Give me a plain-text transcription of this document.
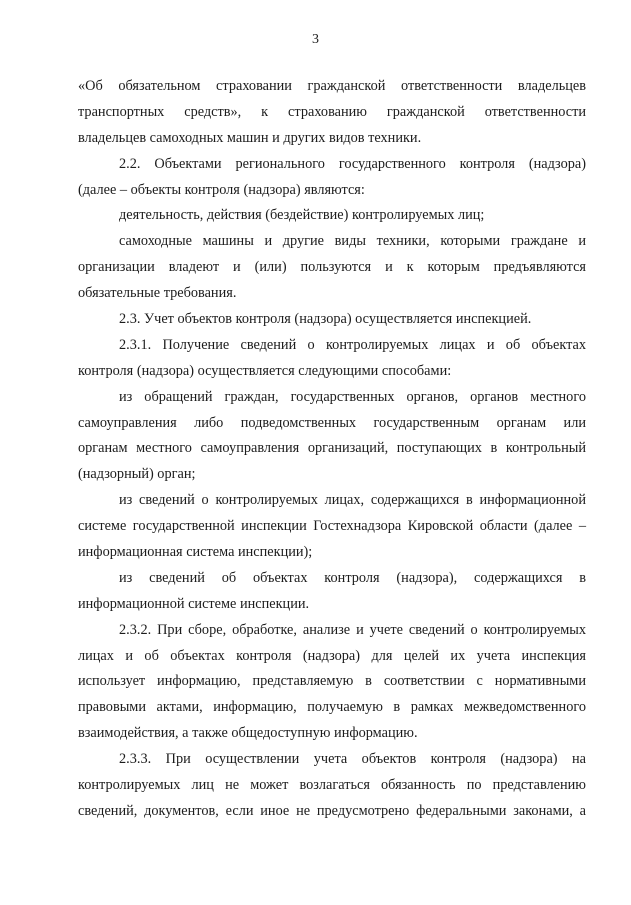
3
«Об обязательном страховании гражданской ответственности владельцев
транспортных средств», к страхованию гражданской ответственности
владельцев самоходных машин и других видов техники.
2.2. Объектами регионального государственного контроля (надзора)
(далее – объекты контроля (надзора) являются:
деятельность, действия (бездействие) контролируемых лиц;
самоходные машины и другие виды техники, которыми граждане и
организации владеют и (или) пользуются и к которым предъявляются
обязательные требования.
2.3. Учет объектов контроля (надзора) осуществляется инспекцией.
2.3.1. Получение сведений о контролируемых лицах и об объектах
контроля (надзора) осуществляется следующими способами:
из обращений граждан, государственных органов, органов местного
самоуправления либо подведомственных государственным органам или
органам местного самоуправления организаций, поступающих в контрольный
(надзорный) орган;
из сведений о контролируемых лицах, содержащихся в информационной
системе государственной инспекции Гостехнадзора Кировской области (далее –
информационная система инспекции);
из сведений об объектах контроля (надзора), содержащихся в
информационной системе инспекции.
2.3.2. При сборе, обработке, анализе и учете сведений о контролируемых
лицах и об объектах контроля (надзора) для целей их учета инспекция
использует информацию, представляемую в соответствии с нормативными
правовыми актами, информацию, получаемую в рамках межведомственного
взаимодействия, а также общедоступную информацию.
2.3.3. При осуществлении учета объектов контроля (надзора) на
контролируемых лиц не может возлагаться обязанность по представлению
сведений, документов, если иное не предусмотрено федеральными законами, а
